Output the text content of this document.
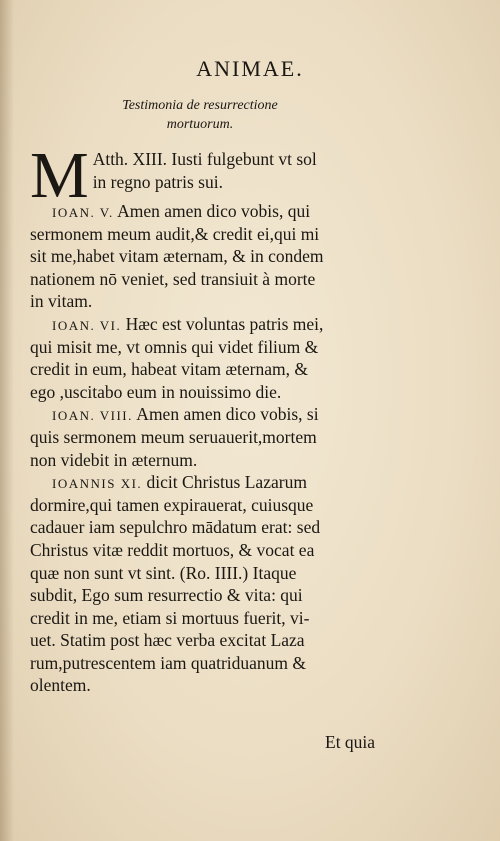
ANIMAE.
Testimonia de resurrectione
mortuorum.
M Atth. XIII. Iusti fulgebunt vt sol
in regno patris sui.
IOAN. V. Amen amen dico vobis, qui
sermonem meum audit,& credit ei,qui mi
sit me,habet vitam æternam, & in condem
nationem nō veniet, sed transiuit à morte
in vitam.
IOAN. VI. Hæc est voluntas patris mei,
qui misit me, vt omnis qui videt filium &
credit in eum, habeat vitam æternam, &
ego ,uscitabo eum in nouissimo die.
IOAN. VIII. Amen amen dico vobis, si
quis sermonem meum seruauerit,mortem
non videbit in æternum.
IOANNIS XI. dicit Christus Lazarum
dormire,qui tamen expirauerat, cuiusque
cadauer iam sepulchro mādatum erat: sed
Christus vitæ reddit mortuos, & vocat ea
quæ non sunt vt sint. (Ro. IIII.) Itaque
subdit, Ego sum resurrectio & vita: qui
credit in me, etiam si mortuus fuerit, vi-
uet. Statim post hæc verba excitat Laza
rum,putrescentem iam quatriduanum &
olentem.
Et quia
